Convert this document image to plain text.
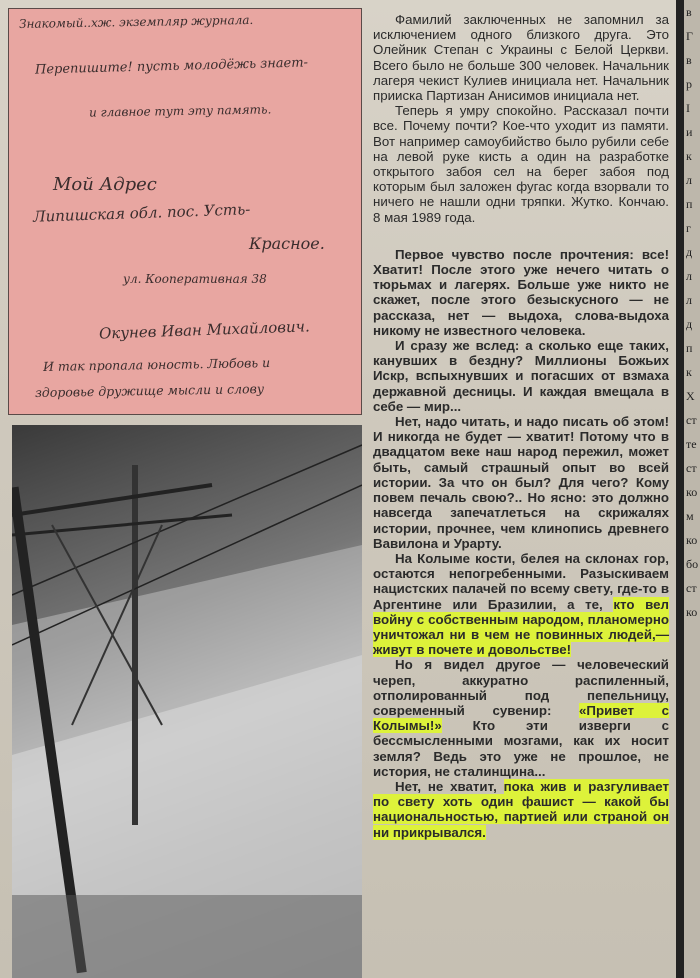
Знакомый..хж. экземпляр журнала.
Перепишите! пусть молодёжь знает-
и главное тут эту память.
Мой Адрес
Липишская обл. пос. Усть-
Красное.
ул. Кооперативная 38
Окунев Иван Михайлович.
И так пропала юность. Любовь и
здоровье дружище мысли и слову

Фамилий заключенных не запомнил за исключением одного близкого друга. Это Олейник Степан с Украины с Белой Церкви. Всего было не больше 300 человек. Начальник лагеря чекист Кулиев инициала нет. Начальник прииска Партизан Анисимов инициала нет.

Теперь я умру спокойно. Рассказал почти все. Почему почти? Кое-что уходит из памяти. Вот например самоубийство было рубили себе на левой руке кисть а один на разработке открытого забоя сел на берег забоя под которым был заложен фугас когда взорвали то ничего не нашли одни тряпки. Жутко. Кончаю. 8 мая 1989 года.

Первое чувство после прочтения: все! Хватит! После этого уже нечего читать о тюрьмах и лагерях. Больше уже никто не скажет, после этого безыскусного — не рассказа, нет — выдоха, слова-выдоха никому не известного человека.

И сразу же вслед: а сколько еще таких, канувших в бездну? Миллионы Божьих Искр, вспыхнувших и погасших от взмаха державной десницы. И каждая вмещала в себе — мир...

Нет, надо читать, и надо писать об этом! И никогда не будет — хватит! Потому что в двадцатом веке наш народ пережил, может быть, самый страшный опыт во всей истории. За что он был? Для чего? Кому повем печаль свою?.. Но ясно: это должно навсегда запечатлеться на скрижалях истории, прочнее, чем клинопись древнего Вавилона и Урарту.

На Колыме кости, белея на склонах гор, остаются непогребенными. Разыскиваем нацистских палачей по всему свету, где-то в Аргентине или Бразилии, а те, кто вел войну с собственным народом, планомерно уничтожал ни в чем не повинных людей,— живут в почете и довольстве!

Но я видел другое — человеческий череп, аккуратно распиленный, отполированный под пепельницу, современный сувенир: «Привет с Колымы!» Кто эти изверги с бессмысленными мозгами, как их носит земля? Ведь это уже не прошлое, не история, не сталинщина...

Нет, не хватит, пока жив и разгуливает по свету хоть один фашист — какой бы национальностью, партией или страной он ни прикрывался.

в
Г
в
р
I
и
к
л
п
г
д
л
л
д
п
к
Х
ст
те
ст
ко
м
ко
бо
ст
ко
